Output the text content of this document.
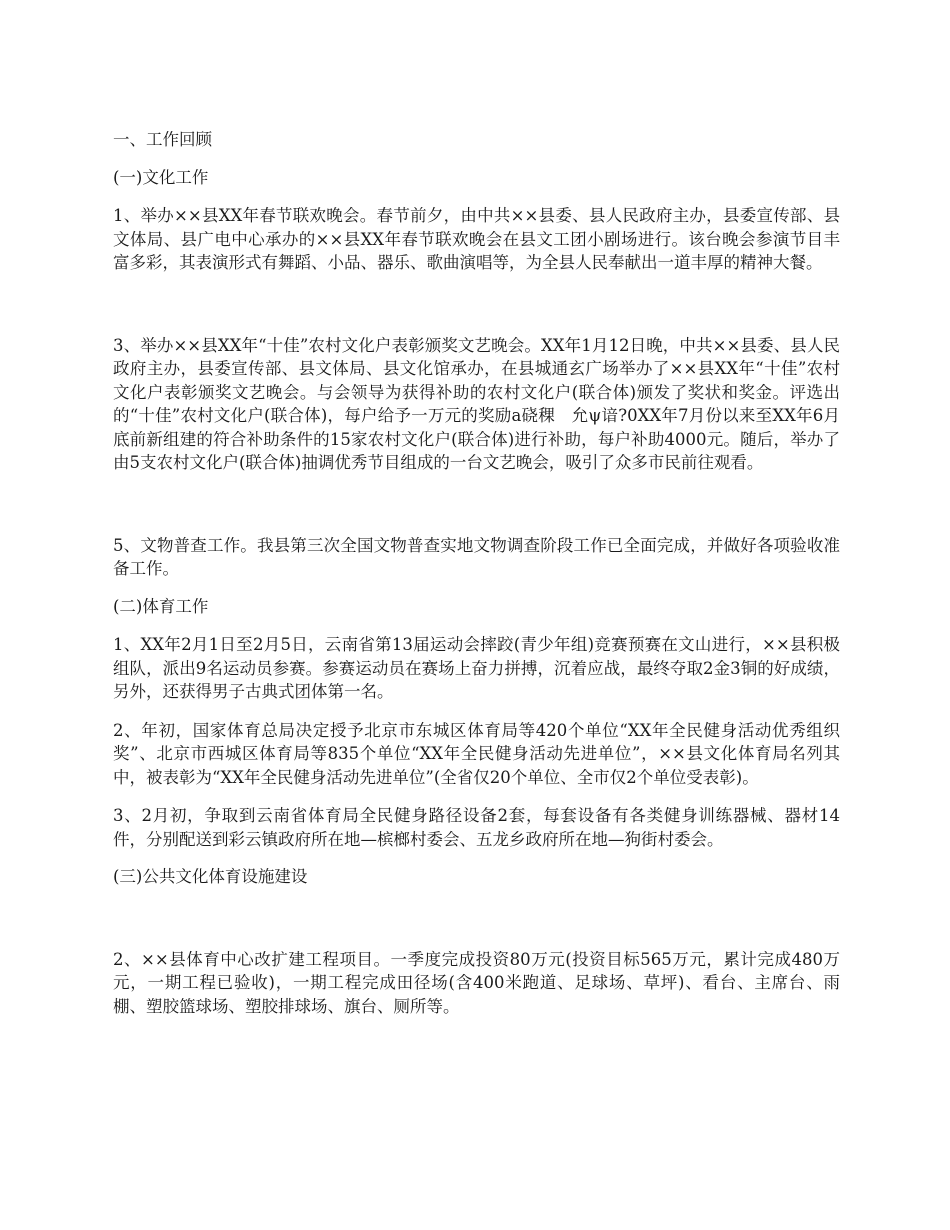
一、工作回顾

(一)文化工作

1、举办××县XX年春节联欢晚会。春节前夕，由中共××县委、县人民政府主办，县委宣传部、县文体局、县广电中心承办的××县XX年春节联欢晚会在县文工团小剧场进行。该台晚会参演节目丰富多彩，其表演形式有舞蹈、小品、器乐、歌曲演唱等，为全县人民奉献出一道丰厚的精神大餐。

3、举办××县XX年“十佳”农村文化户表彰颁奖文艺晚会。XX年1月12日晚，中共××县委、县人民政府主办，县委宣传部、县文体局、县文化馆承办，在县城通玄广场举办了××县XX年“十佳”农村文化户表彰颁奖文艺晚会。与会领导为获得补助的农村文化户(联合体)颁发了奖状和奖金。评选出的“十佳”农村文化户(联合体)，每户给予一万元的奖励a硗稞　允ψ谙?0XX年7月份以来至XX年6月底前新组建的符合补助条件的15家农村文化户(联合体)进行补助，每户补助4000元。随后，举办了由5支农村文化户(联合体)抽调优秀节目组成的一台文艺晚会，吸引了众多市民前往观看。

5、文物普查工作。我县第三次全国文物普查实地文物调查阶段工作已全面完成，并做好各项验收准备工作。

(二)体育工作

1、XX年2月1日至2月5日，云南省第13届运动会摔跤(青少年组)竞赛预赛在文山进行，××县积极组队，派出9名运动员参赛。参赛运动员在赛场上奋力拼搏，沉着应战，最终夺取2金3铜的好成绩，另外，还获得男子古典式团体第一名。

2、年初，国家体育总局决定授予北京市东城区体育局等420个单位“XX年全民健身活动优秀组织奖”、北京市西城区体育局等835个单位“XX年全民健身活动先进单位”，××县文化体育局名列其中，被表彰为“XX年全民健身活动先进单位”(全省仅20个单位、全市仅2个单位受表彰)。

3、2月初，争取到云南省体育局全民健身路径设备2套，每套设备有各类健身训练器械、器材14件，分别配送到彩云镇政府所在地—槟榔村委会、五龙乡政府所在地—狗街村委会。

(三)公共文化体育设施建设

2、××县体育中心改扩建工程项目。一季度完成投资80万元(投资目标565万元，累计完成480万元，一期工程已验收)，一期工程完成田径场(含400米跑道、足球场、草坪)、看台、主席台、雨棚、塑胶篮球场、塑胶排球场、旗台、厕所等。
